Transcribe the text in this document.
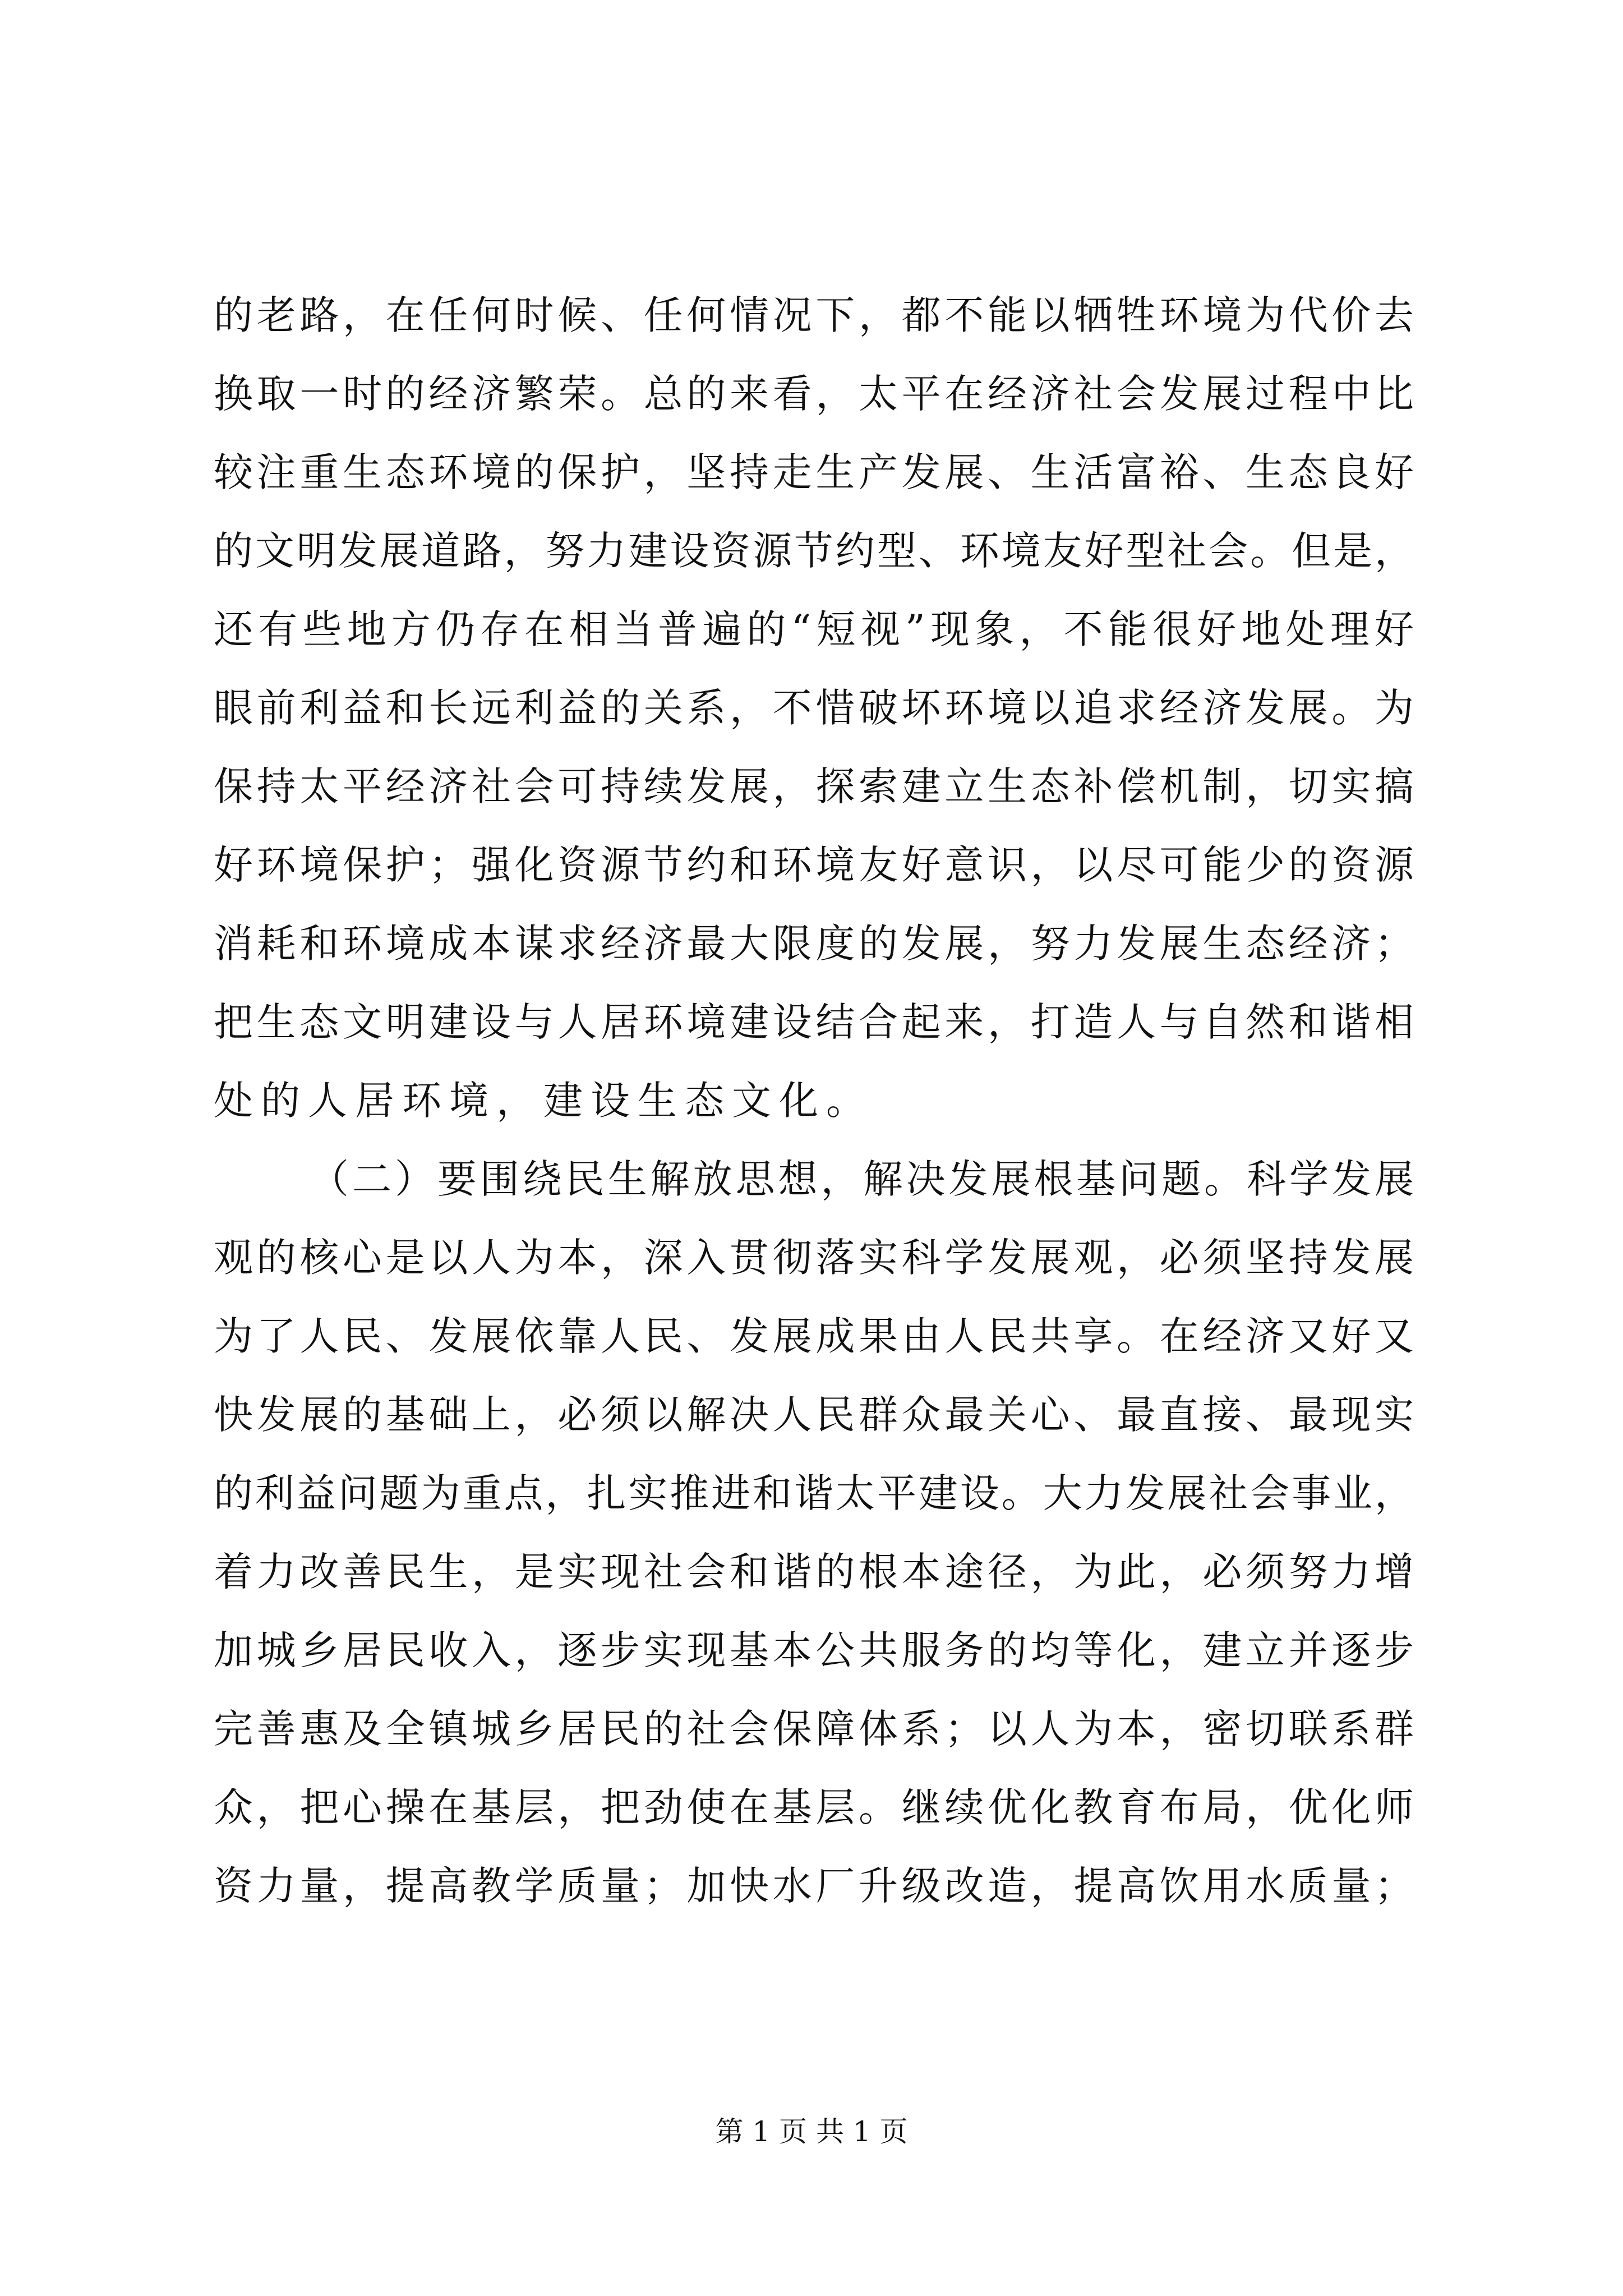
的老路，在任何时候、任何情况下，都不能以牺牲环境为代价去
换取一时的经济繁荣。总的来看，太平在经济社会发展过程中比
较注重生态环境的保护，坚持走生产发展、生活富裕、生态良好
的文明发展道路，努力建设资源节约型、环境友好型社会。但是，
还有些地方仍存在相当普遍的“短视”现象，不能很好地处理好
眼前利益和长远利益的关系，不惜破坏环境以追求经济发展。为
保持太平经济社会可持续发展，探索建立生态补偿机制，切实搞
好环境保护；强化资源节约和环境友好意识，以尽可能少的资源
消耗和环境成本谋求经济最大限度的发展，努力发展生态经济；
把生态文明建设与人居环境建设结合起来，打造人与自然和谐相
处的人居环境，建设生态文化。
（二）要围绕民生解放思想，解决发展根基问题。科学发展
观的核心是以人为本，深入贯彻落实科学发展观，必须坚持发展
为了人民、发展依靠人民、发展成果由人民共享。在经济又好又
快发展的基础上，必须以解决人民群众最关心、最直接、最现实
的利益问题为重点，扎实推进和谐太平建设。大力发展社会事业，
着力改善民生，是实现社会和谐的根本途径，为此，必须努力增
加城乡居民收入，逐步实现基本公共服务的均等化，建立并逐步
完善惠及全镇城乡居民的社会保障体系；以人为本，密切联系群
众，把心操在基层，把劲使在基层。继续优化教育布局，优化师
资力量，提高教学质量；加快水厂升级改造，提高饮用水质量；
第 1 页 共 1 页
